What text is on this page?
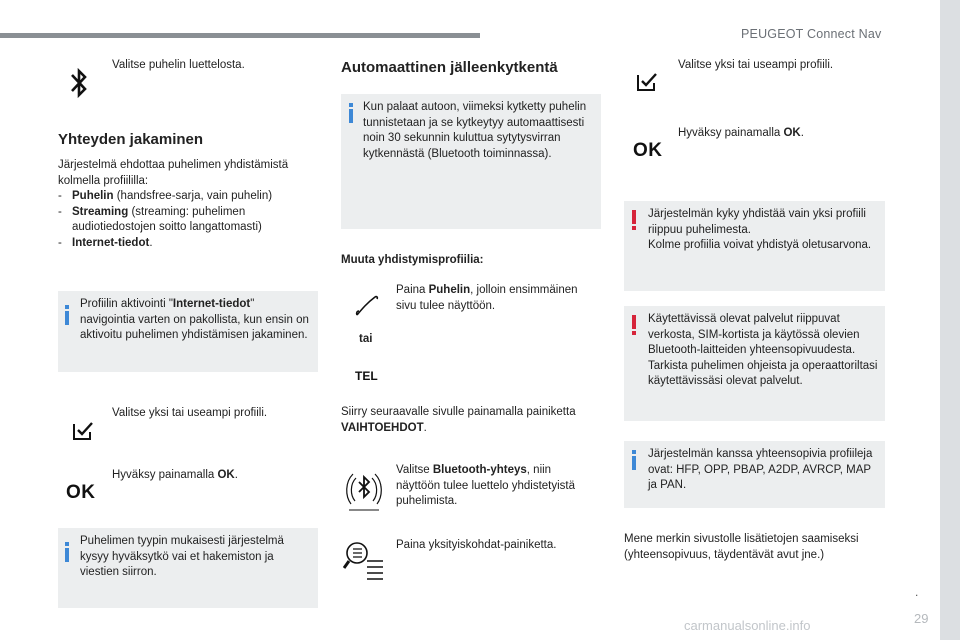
PEUGEOT Connect Nav
.
29
carmanualsonline.info
Valitse puhelin luettelosta.
Yhteyden jakaminen
Järjestelmä ehdottaa puhelimen yhdistämistä kolmella profiililla:
- Puhelin (handsfree-sarja, vain puhelin)
- Streaming (streaming: puhelimen audiotiedostojen soitto langattomasti)
- Internet-tiedot.
Profiilin aktivointi "Internet-tiedot" navigointia varten on pakollista, kun ensin on aktivoitu puhelimen yhdistämisen jakaminen.
Valitse yksi tai useampi profiili.
OK
Hyväksy painamalla OK.
Puhelimen tyypin mukaisesti järjestelmä kysyy hyväksytkö vai et hakemiston ja viestien siirron.
Automaattinen jälleenkytkentä
Kun palaat autoon, viimeksi kytketty puhelin tunnistetaan ja se kytkeytyy automaattisesti noin 30 sekunnin kuluttua sytytysvirran kytkennästä (Bluetooth toiminnassa).
Muuta yhdistymisprofiilia:
Paina Puhelin, jolloin ensimmäinen sivu tulee näyttöön.
tai
TEL
Siirry seuraavalle sivulle painamalla painiketta VAIHTOEHDOT.
Valitse Bluetooth-yhteys, niin näyttöön tulee luettelo yhdistetyistä puhelimista.
Paina yksityiskohdat-painiketta.
Valitse yksi tai useampi profiili.
OK
Hyväksy painamalla OK.
Järjestelmän kyky yhdistää vain yksi profiili riippuu puhelimesta.
Kolme profiilia voivat yhdistyä oletusarvona.
Käytettävissä olevat palvelut riippuvat verkosta, SIM-kortista ja käytössä olevien Bluetooth-laitteiden yhteensopivuudesta. Tarkista puhelimen ohjeista ja operaattoriltasi käytettävissäsi olevat palvelut.
Järjestelmän kanssa yhteensopivia profiileja ovat: HFP, OPP, PBAP, A2DP, AVRCP, MAP ja PAN.
Mene merkin sivustolle lisätietojen saamiseksi (yhteensopivuus, täydentävät avut jne.)
